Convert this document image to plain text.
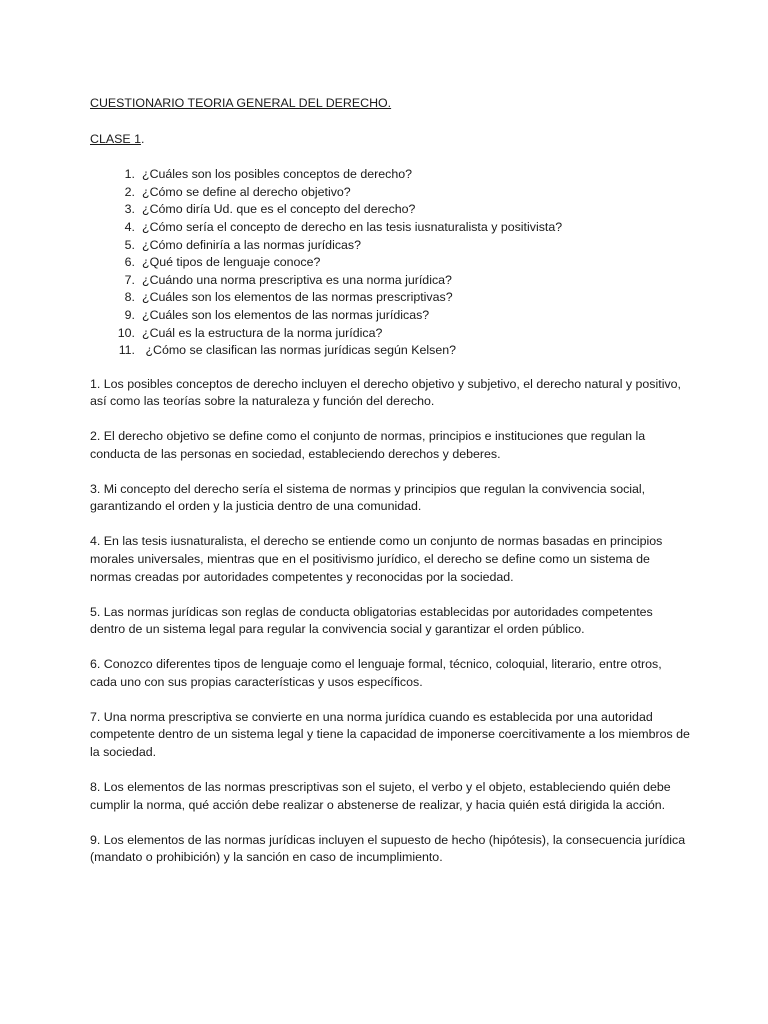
CUESTIONARIO TEORIA GENERAL DEL DERECHO.

CLASE 1.

1. ¿Cuáles son los posibles conceptos de derecho?
2. ¿Cómo se define al derecho objetivo?
3. ¿Cómo diría Ud. que es el concepto del derecho?
4. ¿Cómo sería el concepto de derecho en las tesis iusnaturalista y positivista?
5. ¿Cómo definiría a las normas jurídicas?
6. ¿Qué tipos de lenguaje conoce?
7. ¿Cuándo una norma prescriptiva es una norma jurídica?
8. ¿Cuáles son los elementos de las normas prescriptivas?
9. ¿Cuáles son los elementos de las normas jurídicas?
10. ¿Cuál es la estructura de la norma jurídica?
11. ¿Cómo se clasifican las normas jurídicas según Kelsen?

1. Los posibles conceptos de derecho incluyen el derecho objetivo y subjetivo, el derecho natural y positivo, así como las teorías sobre la naturaleza y función del derecho.

2. El derecho objetivo se define como el conjunto de normas, principios e instituciones que regulan la conducta de las personas en sociedad, estableciendo derechos y deberes.

3. Mi concepto del derecho sería el sistema de normas y principios que regulan la convivencia social, garantizando el orden y la justicia dentro de una comunidad.

4. En las tesis iusnaturalista, el derecho se entiende como un conjunto de normas basadas en principios morales universales, mientras que en el positivismo jurídico, el derecho se define como un sistema de normas creadas por autoridades competentes y reconocidas por la sociedad.

5. Las normas jurídicas son reglas de conducta obligatorias establecidas por autoridades competentes dentro de un sistema legal para regular la convivencia social y garantizar el orden público.

6. Conozco diferentes tipos de lenguaje como el lenguaje formal, técnico, coloquial, literario, entre otros, cada uno con sus propias características y usos específicos.

7. Una norma prescriptiva se convierte en una norma jurídica cuando es establecida por una autoridad competente dentro de un sistema legal y tiene la capacidad de imponerse coercitivamente a los miembros de la sociedad.

8. Los elementos de las normas prescriptivas son el sujeto, el verbo y el objeto, estableciendo quién debe cumplir la norma, qué acción debe realizar o abstenerse de realizar, y hacia quién está dirigida la acción.

9. Los elementos de las normas jurídicas incluyen el supuesto de hecho (hipótesis), la consecuencia jurídica (mandato o prohibición) y la sanción en caso de incumplimiento.
